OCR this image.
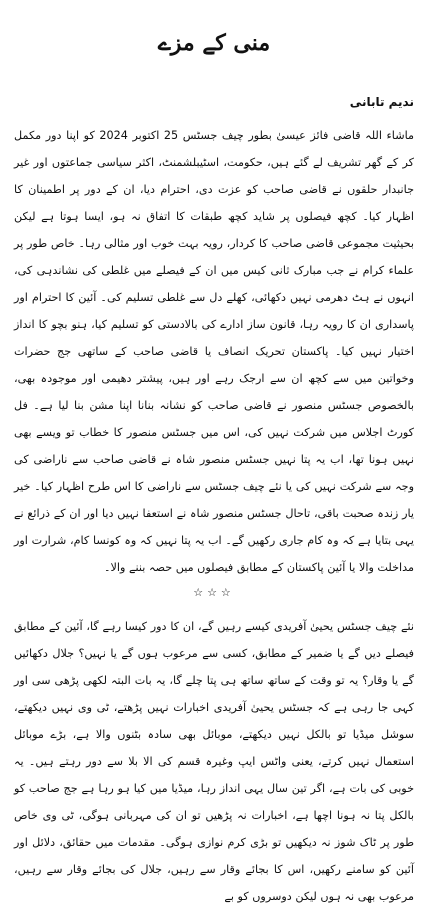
منی کے مزے
ندیم تابانی

ماشاء اللہ قاضی فائز عیسیٰ بطور چیف جسٹس 25 اکتوبر 2024 کو اپنا دور مکمل کر کے گھر تشریف لے گئے ہیں، حکومت، اسٹیبلشمنٹ، اکثر سیاسی جماعتوں اور غیر جانبدار حلقوں نے قاضی صاحب کو عزت دی، احترام دیا، ان کے دور پر اطمینان کا اظہار کیا۔ کچھ فیصلوں پر شاید کچھ طبقات کا اتفاق نہ ہو، ایسا ہوتا ہے لیکن بحیثیت مجموعی قاضی صاحب کا کردار، رویہ بہت خوب اور مثالی رہا۔ خاص طور پر علماء کرام نے جب مبارک ثانی کیس میں ان کے فیصلے میں غلطی کی نشاندہی کی، انہوں نے ہٹ دھرمی نہیں دکھائی، کھلے دل سے غلطی تسلیم کی۔ آئین کا احترام اور پاسداری ان کا رویہ رہا، قانون ساز ادارے کی بالادستی کو تسلیم کیا، ہنو بچو کا انداز اختیار نہیں کیا۔ پاکستان تحریک انصاف یا قاضی صاحب کے ساتھی جج حضرات وخواتین میں سے کچھ ان سے ارجک رہے اور ہیں، پیشتر دھیمی اور موجودہ بھی، بالخصوص جسٹس منصور نے قاضی صاحب کو نشانہ بنانا اپنا مشن بنا لیا ہے۔ فل کورٹ اجلاس میں شرکت نہیں کی، اس میں جسٹس منصور کا خطاب تو ویسے بھی نہیں ہونا تھا، اب یہ پتا نہیں جسٹس منصور شاہ نے قاضی صاحب سے ناراضی کی وجہ سے شرکت نہیں کی یا نئے چیف جسٹس سے ناراضی کا اس طرح اظہار کیا۔ خیر یار زندہ صحبت باقی، تاحال جسٹس منصور شاہ نے استعفا نہیں دیا اور ان کے ذرائع نے یہی بتایا ہے کہ وہ کام جاری رکھیں گے۔ اب یہ پتا نہیں کہ وہ کونسا کام، شرارت اور مداخلت والا یا آئین پاکستان کے مطابق فیصلوں میں حصہ بننے والا۔

☆☆☆

نئے چیف جسٹس یحییٰ آفریدی کیسے رہیں گے، ان کا دور کیسا رہے گا، آئین کے مطابق فیصلے دیں گے یا ضمیر کے مطابق، کسی سے مرعوب ہوں گے یا نہیں؟ جلال دکھائیں گے یا وقار؟ یہ تو وقت کے ساتھ ساتھ ہی پتا چلے گا، یہ بات البتہ لکھی پڑھی سی اور کہی جا رہی ہے کہ جسٹس یحییٰ آفریدی اخبارات نہیں پڑھتے، ٹی وی نہیں دیکھتے، سوشل میڈیا تو بالکل نہیں دیکھتے، موبائل بھی سادہ بٹنوں والا ہے، بڑے موبائل استعمال نہیں کرتے، یعنی واٹس ایپ وغیرہ قسم کی الا بلا سے دور رہتے ہیں۔ یہ خوبی کی بات ہے، اگر تین سال یہی انداز رہا، میڈیا میں کیا ہو رہا ہے جج صاحب کو بالکل پتا نہ ہونا اچھا ہے، اخبارات نہ پڑھیں تو ان کی مہربانی ہوگی، ٹی وی خاص طور پر ٹاک شوز نہ دیکھیں تو بڑی کرم نوازی ہوگی۔ مقدمات میں حقائق، دلائل اور آئین کو سامنے رکھیں، اس کا بجائے وقار سے رہیں، جلال کی بجائے وقار سے رہیں، مرعوب بھی نہ ہوں لیکن دوسروں کو بے
